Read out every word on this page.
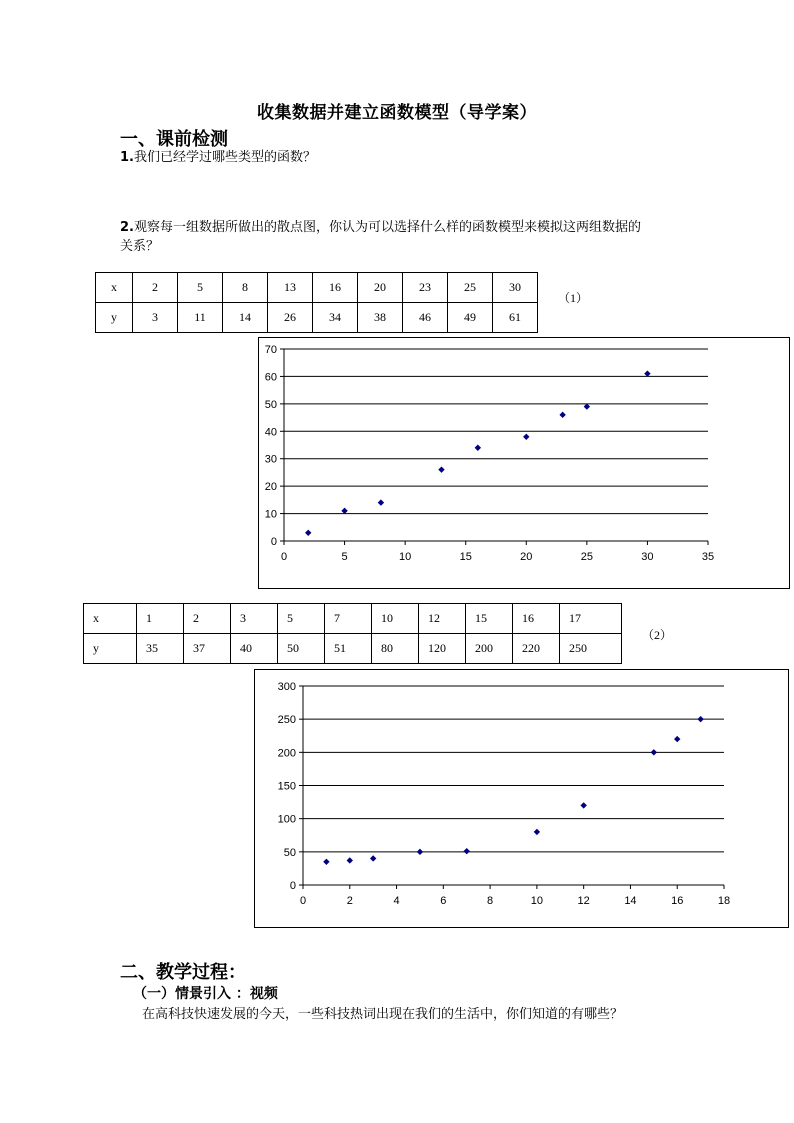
收集数据并建立函数模型（导学案）
一、课前检测
1.我们已经学过哪些类型的函数？
2.观察每一组数据所做出的散点图，你认为可以选择什么样的函数模型来模拟这两组数据的
关系？
x	2	5	8	13	16	20	23	25	30
y	3	11	14	26	34	38	46	49	61
（1）
0
10
20
30
40
50
60
70
0	5	10	15	20	25	30	35
x	1	2	3	5	7	10	12	15	16	17
y	35	37	40	50	51	80	120	200	220	250
（2）
0
50
100
150
200
250
300
0	2	4	6	8	10	12	14	16	18
二、教学过程：
（一）情景引入 ：视频
在高科技快速发展的今天，一些科技热词出现在我们的生活中，你们知道的有哪些？
